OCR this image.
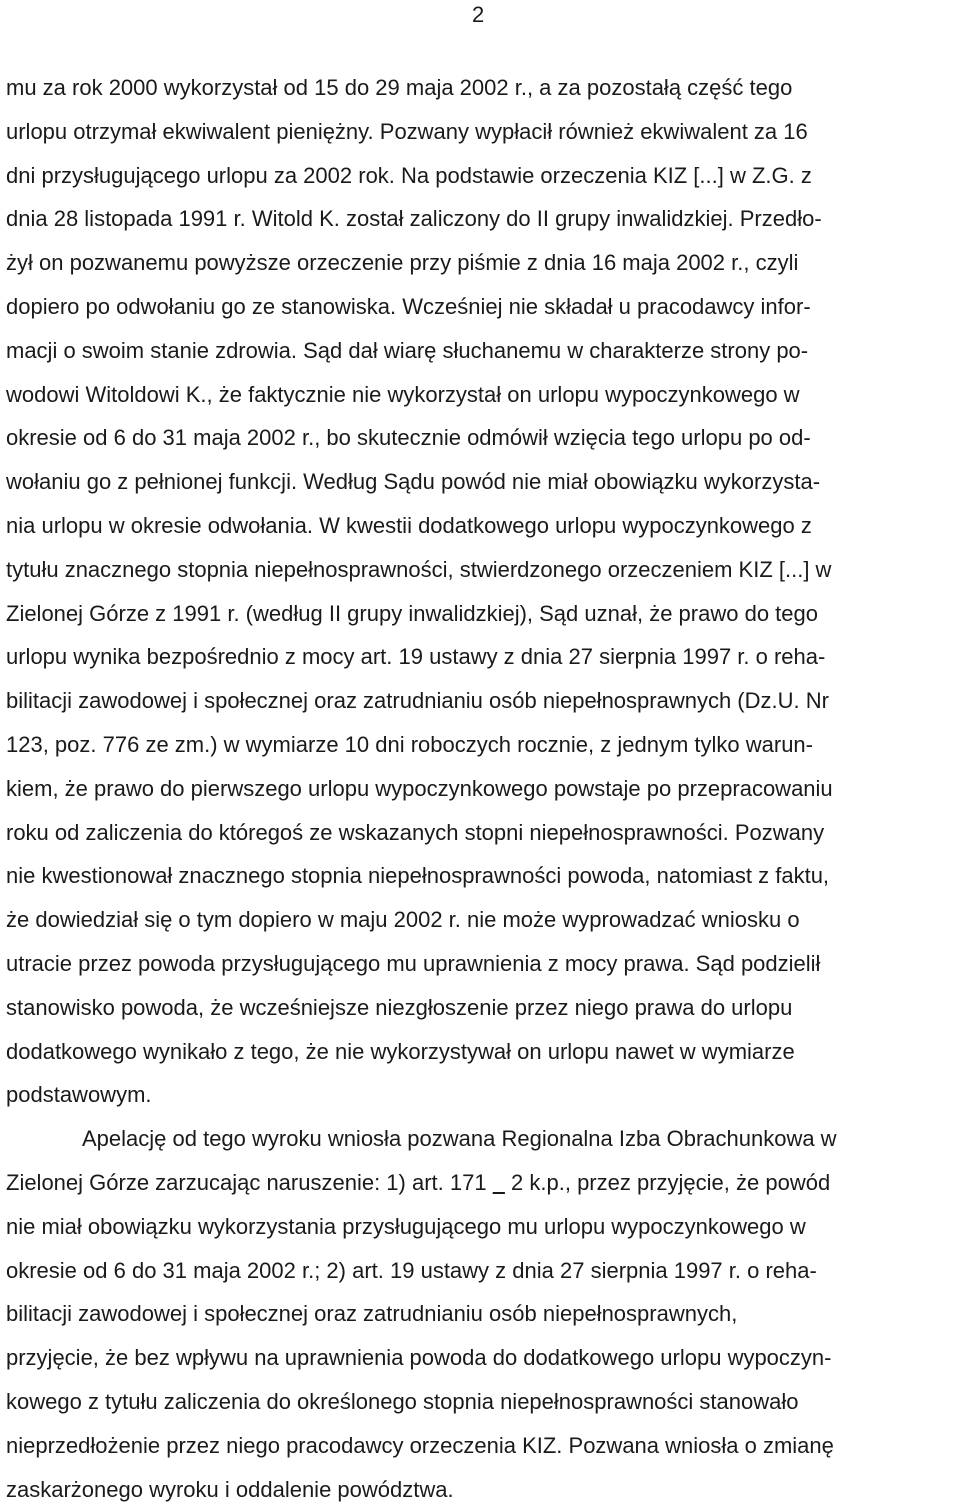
2
mu za rok 2000 wykorzystał od 15 do 29 maja 2002 r., a za pozostałą część tego
urlopu otrzymał ekwiwalent pieniężny. Pozwany wypłacił również ekwiwalent za 16
dni przysługującego urlopu za 2002 rok. Na podstawie orzeczenia KIZ [...] w Z.G. z
dnia 28 listopada 1991 r. Witold K. został zaliczony do II grupy inwalidzkiej. Przedło-
żył on pozwanemu powyższe orzeczenie przy piśmie z dnia 16 maja 2002 r., czyli
dopiero po odwołaniu go ze stanowiska. Wcześniej nie składał u pracodawcy infor-
macji o swoim stanie zdrowia. Sąd dał wiarę słuchanemu w charakterze strony po-
wodowi Witoldowi K., że faktycznie nie wykorzystał on urlopu wypoczynkowego w
okresie od 6 do 31 maja 2002 r., bo skutecznie odmówił wzięcia tego urlopu po od-
wołaniu go z pełnionej funkcji. Według Sądu powód nie miał obowiązku wykorzysta-
nia urlopu w okresie odwołania. W kwestii dodatkowego urlopu wypoczynkowego z
tytułu znacznego stopnia niepełnosprawności, stwierdzonego orzeczeniem KIZ [...] w
Zielonej Górze z 1991 r. (według II grupy inwalidzkiej), Sąd uznał, że prawo do tego
urlopu wynika bezpośrednio z mocy art. 19 ustawy z dnia 27 sierpnia 1997 r. o reha-
bilitacji zawodowej i społecznej oraz zatrudnianiu osób niepełnosprawnych (Dz.U. Nr
123, poz. 776 ze zm.) w wymiarze 10 dni roboczych rocznie, z jednym tylko warun-
kiem, że prawo do pierwszego urlopu wypoczynkowego powstaje po przepracowaniu
roku od zaliczenia do któregoś ze wskazanych stopni niepełnosprawności. Pozwany
nie kwestionował znacznego stopnia niepełnosprawności powoda, natomiast z faktu,
że dowiedział się o tym dopiero w maju 2002 r. nie może wyprowadzać wniosku o
utracie przez powoda przysługującego mu uprawnienia z mocy prawa. Sąd podzielił
stanowisko powoda, że wcześniejsze niezgłoszenie przez niego prawa do urlopu
dodatkowego wynikało z tego, że nie wykorzystywał on urlopu nawet w wymiarze
podstawowym.
Apelację od tego wyroku wniosła pozwana Regionalna Izba Obrachunkowa w
Zielonej Górze zarzucając naruszenie: 1) art. 171    2 k.p., przez przyjęcie, że powód
nie miał obowiązku wykorzystania przysługującego mu urlopu wypoczynkowego w
okresie od 6 do 31 maja 2002 r.; 2) art. 19 ustawy z dnia 27 sierpnia 1997 r. o reha-
bilitacji zawodowej i społecznej oraz zatrudnianiu osób niepełnosprawnych,
przyjęcie, że bez wpływu na uprawnienia powoda do dodatkowego urlopu wypoczyn-
kowego z tytułu zaliczenia do określonego stopnia niepełnosprawności stanowało
nieprzedłożenie przez niego pracodawcy orzeczenia KIZ. Pozwana wniosła o zmianę
zaskarżonego wyroku i oddalenie powództwa.
